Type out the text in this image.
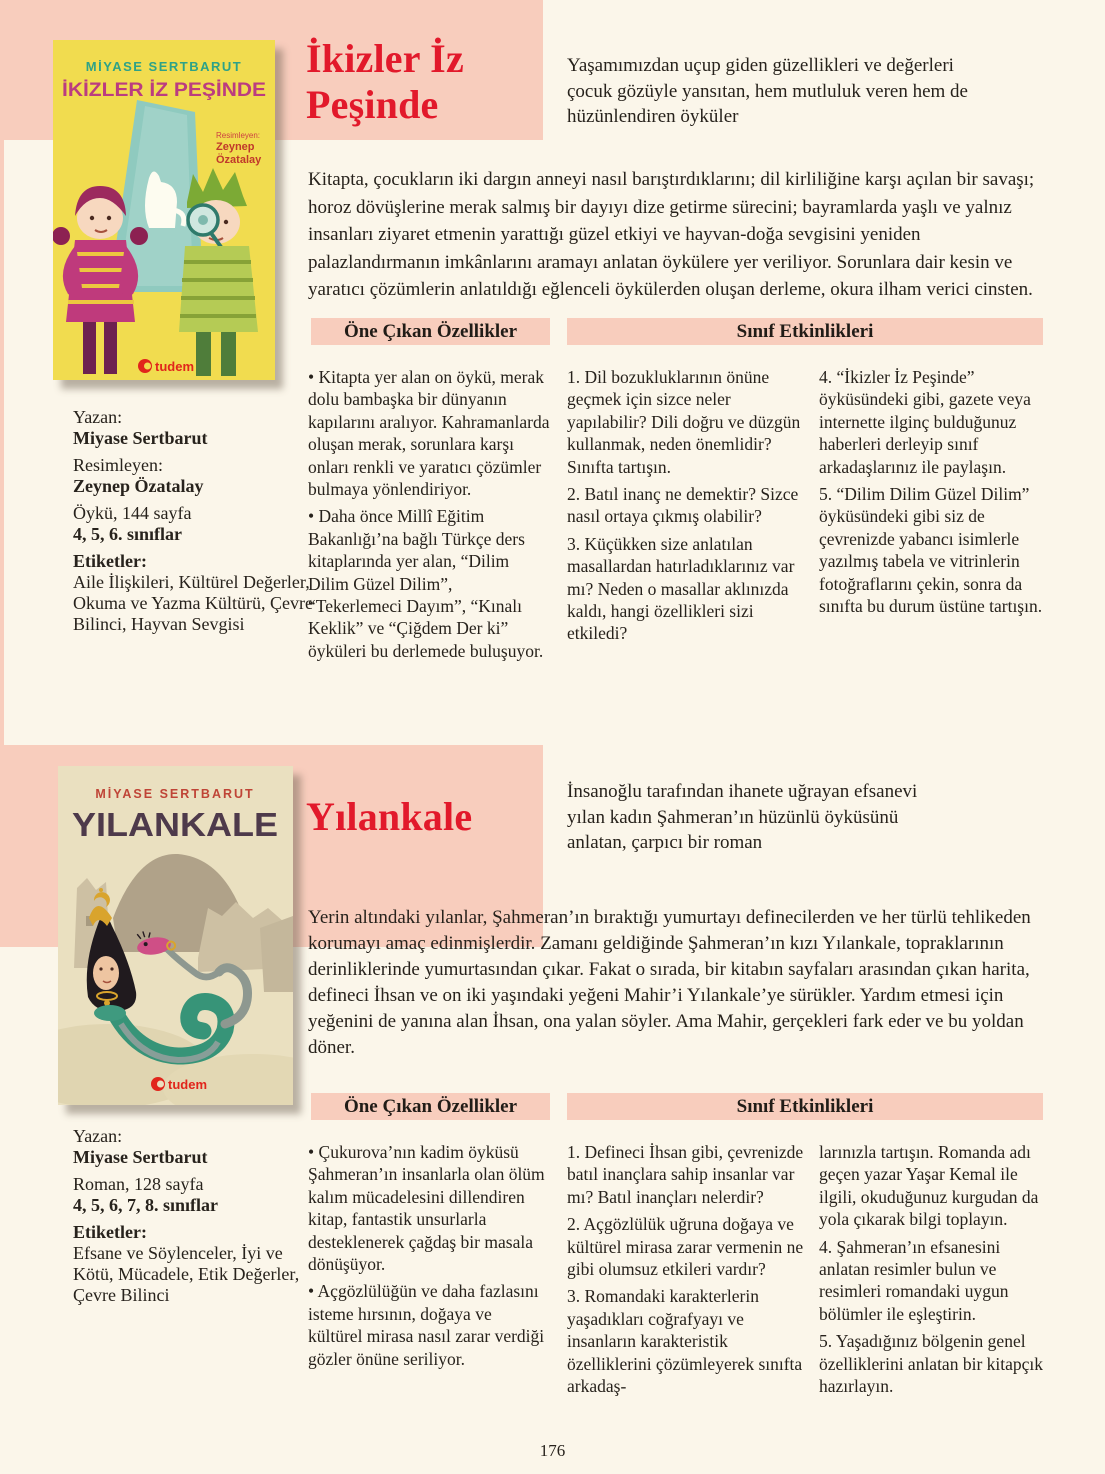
MİYASE SERTBARUT
İKİZLER İZ PEŞİNDE
Resimleyen:
Zeynep
Özatalay
tudem
İkizler İz
Peşinde
Yaşamımızdan uçup giden güzellikleri ve değerleri
çocuk gözüyle yansıtan, hem mutluluk veren hem de
hüzünlendiren öyküler
Kitapta, çocukların iki dargın anneyi nasıl barıştırdıklarını; dil kirliliğine karşı açılan bir savaşı; horoz dövüşlerine merak salmış bir dayıyı dize getirme sürecini; bayramlarda yaşlı ve yalnız insanları ziyaret etmenin yarattığı güzel etkiyi ve hayvan-doğa sevgisini yeniden palazlandırmanın imkânlarını aramayı anlatan öykülere yer veriliyor. Sorunlara dair kesin ve yaratıcı çözümlerin anlatıldığı eğlenceli öykülerden oluşan derleme, okura ilham verici cinsten.
Öne Çıkan Özellikler	Sınıf Etkinlikleri

• Kitapta yer alan on öykü, merak dolu bambaşka bir dünyanın kapılarını aralıyor. Kahramanlarda oluşan merak, sorunlara karşı onları renkli ve yaratıcı çözümler bulmaya yönlendiriyor.

• Daha önce Millî Eğitim Bakanlığı’na bağlı Türkçe ders kitaplarında yer alan, “Dilim Dilim Güzel Dilim”, “Tekerlemeci Dayım”, “Kınalı Keklik” ve “Çiğdem Der ki” öyküleri bu derlemede buluşuyor.

1. Dil bozukluklarının önüne geçmek için sizce neler yapılabilir? Dili doğru ve düzgün kullanmak, neden önemlidir? Sınıfta tartışın.

2. Batıl inanç ne demektir? Sizce nasıl ortaya çıkmış olabilir?

3. Küçükken size anlatılan masallardan hatırladıklarınız var mı? Neden o masallar aklınızda kaldı, hangi özellikleri sizi etkiledi?

4. “İkizler İz Peşinde” öyküsündeki gibi, gazete veya internette ilginç bulduğunuz haberleri derleyip sınıf arkadaşlarınız ile paylaşın.

5. “Dilim Dilim Güzel Dilim” öyküsündeki gibi siz de çevrenizde yabancı isimlerle yazılmış tabela ve vitrinlerin fotoğraflarını çekin, sonra da sınıfta bu durum üstüne tartışın.

Yazan:
Miyase Sertbarut
Resimleyen:
Zeynep Özatalay
Öykü, 144 sayfa
4, 5, 6. sınıflar
Etiketler:
Aile İlişkileri, Kültürel Değerler, Okuma ve Yazma Kültürü, Çevre Bilinci, Hayvan Sevgisi
MİYASE SERTBARUT
YILANKALE
tudem
Yılankale
İnsanoğlu tarafından ihanete uğrayan efsanevi
yılan kadın Şahmeran’ın hüzünlü öyküsünü
anlatan, çarpıcı bir roman
Yerin altındaki yılanlar, Şahmeran’ın bıraktığı yumurtayı definecilerden ve her türlü tehlikeden korumayı amaç edinmişlerdir. Zamanı geldiğinde Şahmeran’ın kızı Yılankale, topraklarının derinliklerinde yumurtasından çıkar. Fakat o sırada, bir kitabın sayfaları arasından çıkan harita, defineci İhsan ve on iki yaşındaki yeğeni Mahir’i Yılankale’ye sürükler. Yardım etmesi için yeğenini de yanına alan İhsan, ona yalan söyler. Ama Mahir, gerçekleri fark eder ve bu yoldan döner.
Öne Çıkan Özellikler	Sınıf Etkinlikleri

• Çukurova’nın kadim öyküsü Şahmeran’ın insanlarla olan ölüm kalım mücadelesini dillendiren kitap, fantastik unsurlarla desteklenerek çağdaş bir masala dönüşüyor.

• Açgözlülüğün ve daha fazlasını isteme hırsının, doğaya ve kültürel mirasa nasıl zarar verdiği gözler önüne seriliyor.

1. Defineci İhsan gibi, çevrenizde batıl inançlara sahip insanlar var mı? Batıl inançları nelerdir?

2. Açgözlülük uğruna doğaya ve kültürel mirasa zarar vermenin ne gibi olumsuz etkileri vardır?

3. Romandaki karakterlerin yaşadıkları coğrafyayı ve insanların karakteristik özelliklerini çözümleyerek sınıfta arkadaş-

larınızla tartışın. Romanda adı geçen yazar Yaşar Kemal ile ilgili, okuduğunuz kurgudan da yola çıkarak bilgi toplayın.

4. Şahmeran’ın efsanesini anlatan resimler bulun ve resimleri romandaki uygun bölümler ile eşleştirin.

5. Yaşadığınız bölgenin genel özelliklerini anlatan bir kitapçık hazırlayın.

Yazan:
Miyase Sertbarut
Roman, 128 sayfa
4, 5, 6, 7, 8. sınıflar
Etiketler:
Efsane ve Söylenceler, İyi ve Kötü, Mücadele, Etik Değerler, Çevre Bilinci
176
